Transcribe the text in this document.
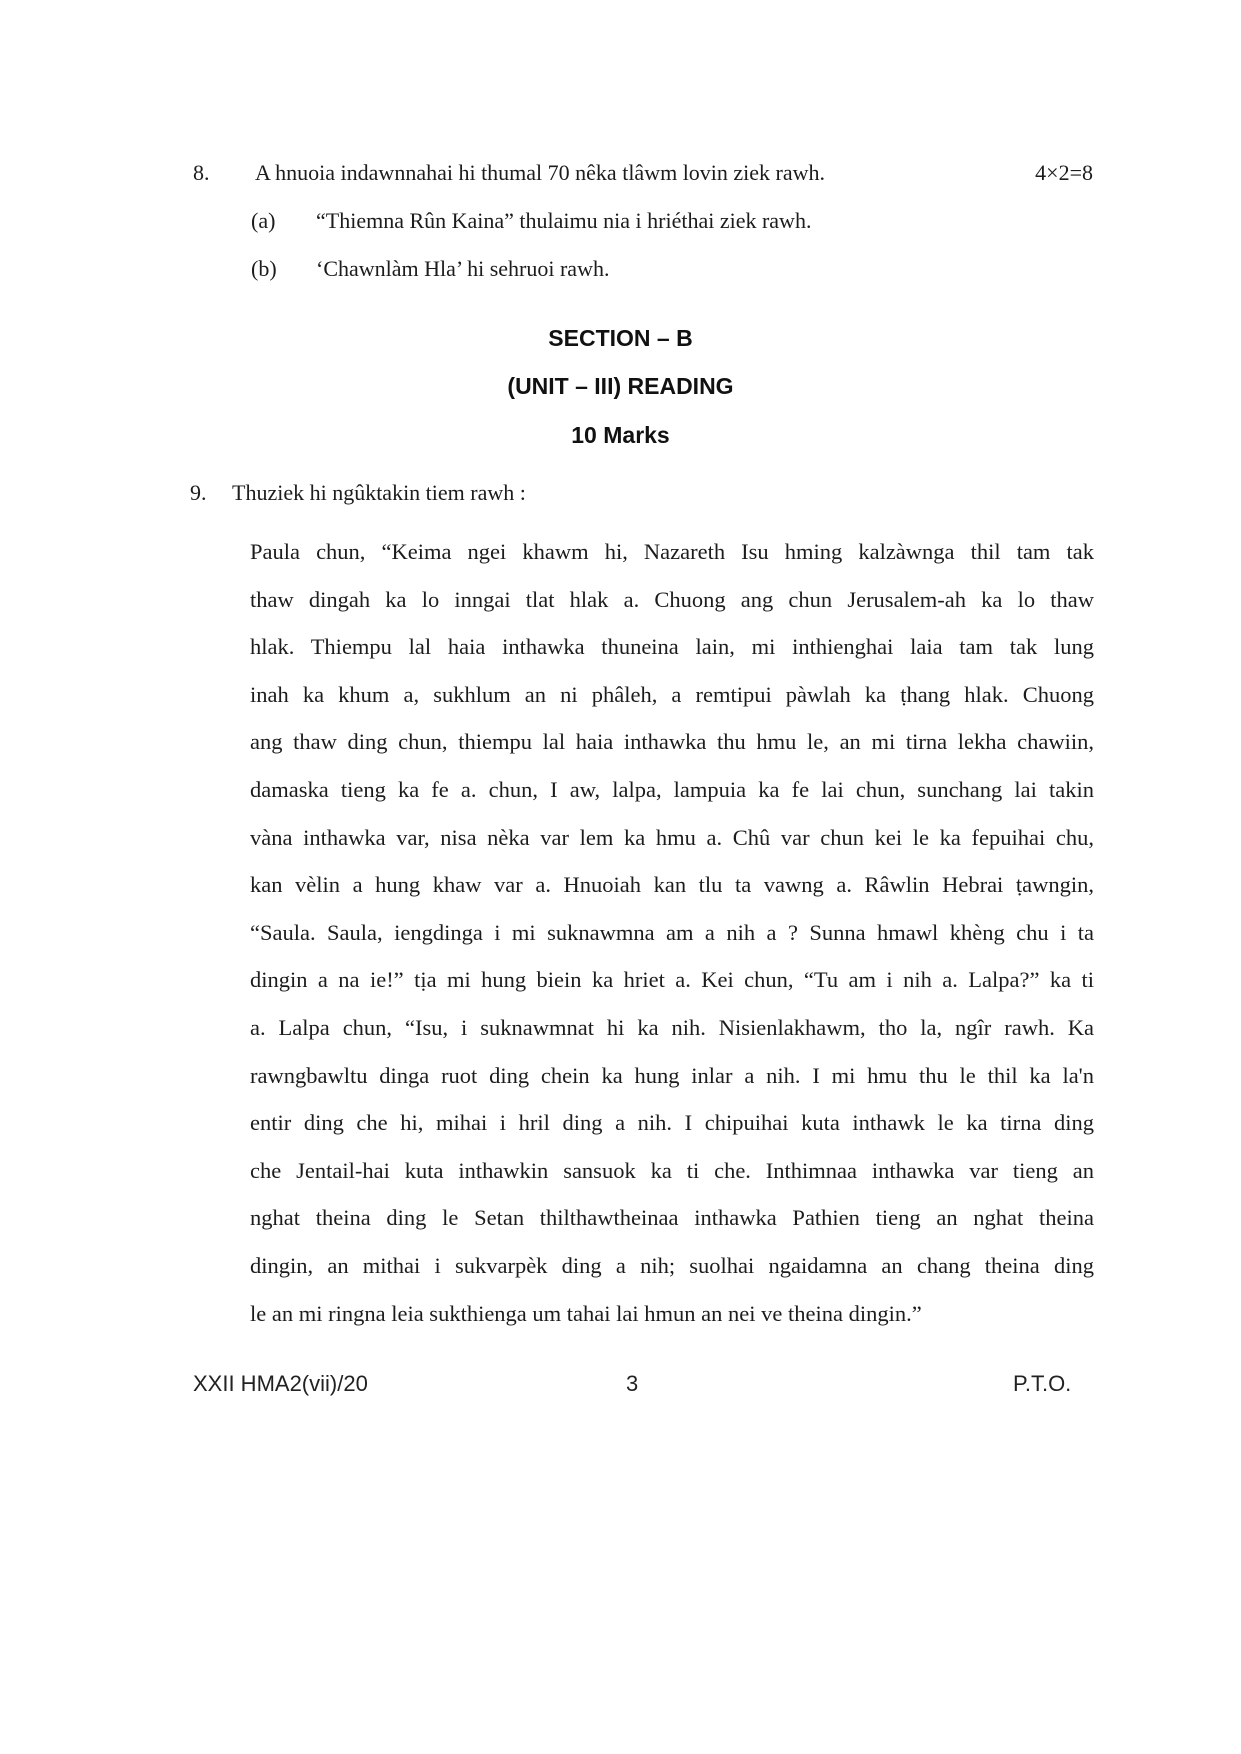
8. A hnuoia indawnnahai hi thumal 70 nêka tlâwm lovin ziek rawh.	4×2=8
(a) “Thiemna Rûn Kaina” thulaimu nia i hriéthai ziek rawh.
(b) ‘Chawnlàm Hla’ hi sehruoi rawh.
SECTION – B
(UNIT – III) READING
10 Marks
9. Thuziek hi ngûktakin tiem rawh :
Paula chun, “Keima ngei khawm hi, Nazareth Isu hming kalzàwnga thil tam tak
thaw dingah ka lo inngai tlat hlak a. Chuong ang chun Jerusalem-ah ka lo thaw
hlak. Thiempu lal haia inthawka thuneina lain, mi inthienghai laia tam tak lung
inah ka khum a, sukhlum an ni phâleh, a remtipui pàwlah ka ṭhang hlak. Chuong
ang thaw ding chun, thiempu lal haia inthawka thu hmu le, an mi tirna lekha chawiin,
damaska tieng ka fe a. chun, I aw, lalpa, lampuia ka fe lai chun, sunchang lai takin
vàna inthawka var, nisa nèka var lem ka hmu a. Chû var chun kei le ka fepuihai chu,
kan vèlin a hung khaw var a. Hnuoiah kan tlu ta vawng a. Râwlin Hebrai ṭawngin,
“Saula. Saula, iengdinga i mi suknawmna am a nih a ? Sunna hmawl khèng chu i ta
dingin a na ie!” tịa mi hung biein ka hriet a. Kei chun, “Tu am i nih a. Lalpa?” ka ti
a. Lalpa chun, “Isu, i suknawmnat hi ka nih. Nisienlakhawm, tho la, ngîr rawh. Ka
rawngbawltu dinga ruot ding chein ka hung inlar a nih. I mi hmu thu le thil ka la'n
entir ding che hi, mihai i hril ding a nih. I chipuihai kuta inthawk le ka tirna ding
che Jentail-hai kuta inthawkin sansuok ka ti che. Inthimnaa inthawka var tieng an
nghat theina ding le Setan thilthawtheinaa inthawka Pathien tieng an nghat theina
dingin, an mithai i sukvarpèk ding a nih; suolhai ngaidamna an chang theina ding
le an mi ringna leia sukthienga um tahai lai hmun an nei ve theina dingin.”
XXII HMA2(vii)/20	3	P.T.O.
